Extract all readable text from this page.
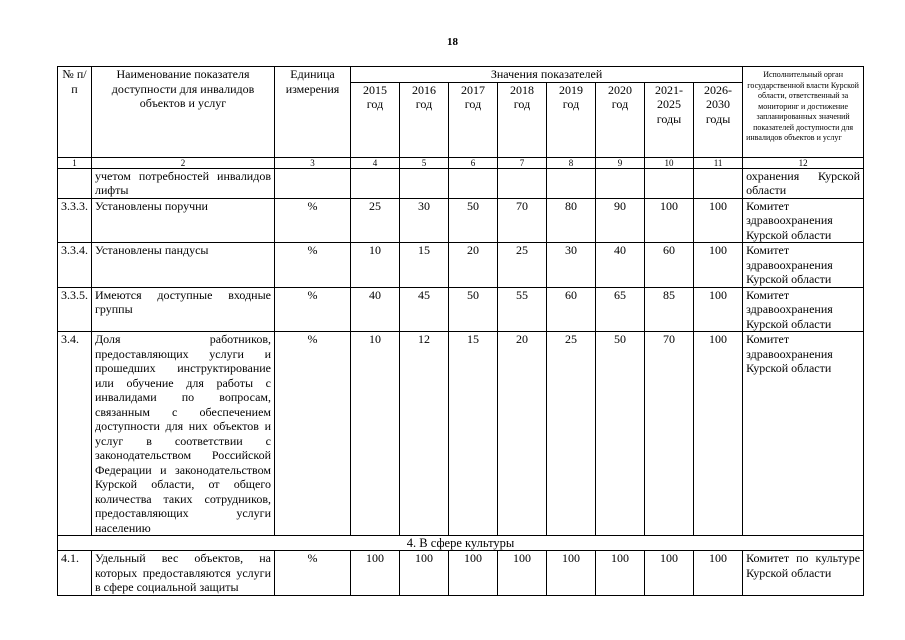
18
№ п/п	Наименование показателя доступности для инвалидов объектов и услуг	Единица измерения	Значения показателей								Исполнительный орган государственной власти Курской области, ответственный за мониторинг и достижение запланированных значений показателей доступности для инвалидов объектов и услуг
			2015 год	2016 год	2017 год	2018 год	2019 год	2020 год	2021-2025 годы	2026-2030 годы	
1	2	3	4	5	6	7	8	9	10	11	12
	учетом потребностей инвалидов лифты										охранения Курской области
3.3.3.	Установлены поручни	%	25	30	50	70	80	90	100	100	Комитет здравоохранения Курской области
3.3.4.	Установлены пандусы	%	10	15	20	25	30	40	60	100	Комитет здравоохранения Курской области
3.3.5.	Имеются доступные входные группы	%	40	45	50	55	60	65	85	100	Комитет здравоохранения Курской области
3.4.	Доля работников, предоставляющих услуги и прошедших инструктирование или обучение для работы с инвалидами по вопросам, связанным с обеспечением доступности для них объектов и услуг в соответствии с законодательством Российской Федерации и законодательством Курской области, от общего количества таких сотрудников, предоставляющих услуги населению	%	10	12	15	20	25	50	70	100	Комитет здравоохранения Курской области
4. В сфере культуры											
4.1.	Удельный вес объектов, на которых предоставляются услуги в сфере социальной защиты	%	100	100	100	100	100	100	100	100	Комитет по культуре Курской области
